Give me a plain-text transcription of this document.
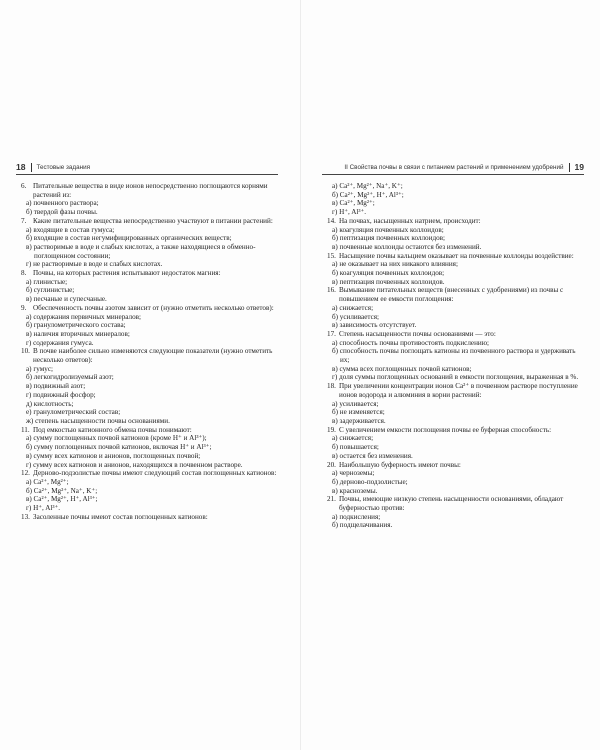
18 Тестовые задания
6. Питательные вещества в виде ионов непосредственно поглощаются корнями растений из:
а) почвенного раствора;
б) твердой фазы почвы.
7. Какие питательные вещества непосредственно участвуют в питании растений:
а) входящие в состав гумуса;
б) входящие в состав негумифицированных органических веществ;
в) растворимые в воде и слабых кислотах, а также находящиеся в обменно-поглощенном состоянии;
г) не растворимые в воде и слабых кислотах.
8. Почвы, на которых растения испытывают недостаток магния:
а) глинистые;
б) суглинистые;
в) песчаные и супесчаные.
9. Обеспеченность почвы азотом зависит от (нужно отметить несколько ответов):
а) содержания первичных минералов;
б) гранулометрического состава;
в) наличия вторичных минералов;
г) содержания гумуса.
10. В почве наиболее сильно изменяются следующие показатели (нужно отметить несколько ответов):
а) гумус;
б) легкогидролизуемый азот;
в) подвижный азот;
г) подвижный фосфор;
д) кислотность;
е) гранулометрический состав;
ж) степень насыщенности почвы основаниями.
11. Под емкостью катионного обмена почвы понимают:
а) сумму поглощенных почвой катионов (кроме H⁺ и Al³⁺);
б) сумму поглощенных почвой катионов, включая H⁺ и Al³⁺;
в) сумму всех катионов и анионов, поглощенных почвой;
г) сумму всех катионов и анионов, находящихся в почвенном растворе.
12. Дерново-подзолистые почвы имеют следующий состав поглощенных катионов:
а) Ca²⁺, Mg²⁺;
б) Ca²⁺, Mg²⁺, Na⁺, K⁺;
в) Ca²⁺, Mg²⁺, H⁺, Al³⁺;
г) H⁺, Al³⁺.
13. Засоленные почвы имеют состав поглощенных катионов:
II Свойства почвы в связи с питанием растений и применением удобрений 19
а) Ca²⁺, Mg²⁺, Na⁺, K⁺;
б) Ca²⁺, Mg²⁺, H⁺, Al³⁺;
в) Ca²⁺, Mg²⁺;
г) H⁺, Al³⁺.
14. На почвах, насыщенных натрием, происходит:
а) коагуляция почвенных коллоидов;
б) пептизация почвенных коллоидов;
в) почвенные коллоиды остаются без изменений.
15. Насыщение почвы кальцием оказывает на почвенные коллоиды воздействие:
а) не оказывает на них никакого влияния;
б) коагуляция почвенных коллоидов;
в) пептизация почвенных коллоидов.
16. Вымывание питательных веществ (внесенных с удобрениями) из почвы с повышением ее емкости поглощения:
а) снижается;
б) усиливается;
в) зависимость отсутствует.
17. Степень насыщенности почвы основаниями — это:
а) способность почвы противостоять подкислению;
б) способность почвы поглощать катионы из почвенного раствора и удерживать их;
в) сумма всех поглощенных почвой катионов;
г) доля суммы поглощенных оснований в емкости поглощения, выраженная в %.
18. При увеличении концентрации ионов Ca²⁺ в почвенном растворе поступление ионов водорода и алюминия в корни растений:
а) усиливается;
б) не изменяется;
в) задерживается.
19. С увеличением емкости поглощения почвы ее буферная способность:
а) снижается;
б) повышается;
в) остается без изменения.
20. Наибольшую буферность имеют почвы:
а) черноземы;
б) дерново-подзолистые;
в) красноземы.
21. Почвы, имеющие низкую степень насыщенности основаниями, обладают буферностью против:
а) подкисления;
б) подщелачивания.
